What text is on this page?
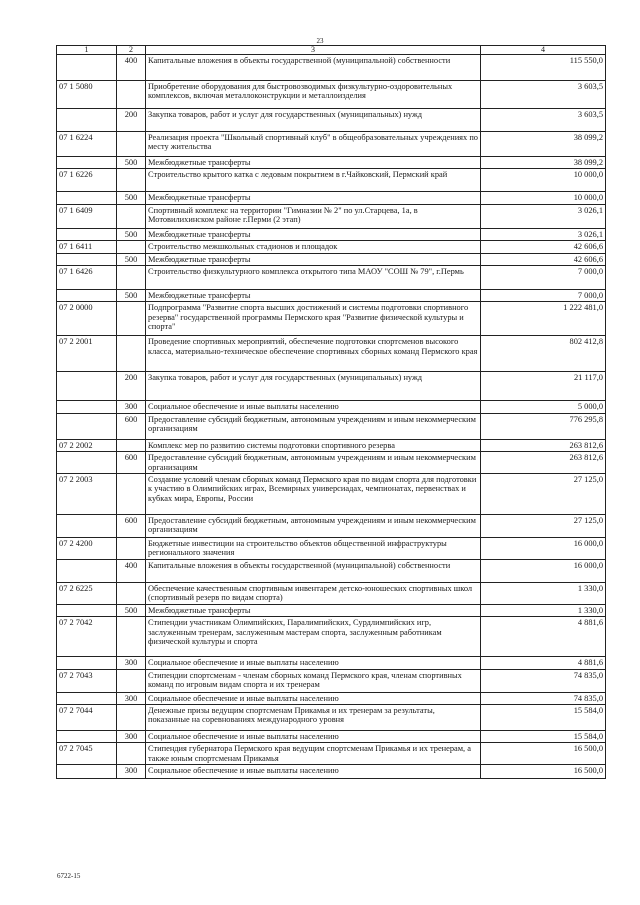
23
1	2	3	4
	400	Капитальные вложения в объекты государственной (муниципальной) собственности	115 550,0
07 1 5080		Приобретение оборудования для быстровозводимых физкультурно-оздоровительных комплексов, включая металлоконструкции и металлоизделия	3 603,5
	200	Закупка товаров, работ и услуг для государственных (муниципальных) нужд	3 603,5
07 1 6224		Реализация проекта "Школьный спортивный клуб" в общеобразовательных учреждениях по месту жительства	38 099,2
	500	Межбюджетные трансферты	38 099,2
07 1 6226		Строительство крытого катка с ледовым покрытием в г.Чайковский, Пермский край	10 000,0
	500	Межбюджетные трансферты	10 000,0
07 1 6409		Спортивный комплекс на территории "Гимназии № 2" по ул.Старцева, 1а, в Мотовилихинском районе г.Перми (2 этап)	3 026,1
	500	Межбюджетные трансферты	3 026,1
07 1 6411		Строительство межшкольных стадионов и площадок	42 606,6
	500	Межбюджетные трансферты	42 606,6
07 1 6426		Строительство физкультурного комплекса открытого типа МАОУ "СОШ № 79", г.Пермь	7 000,0
	500	Межбюджетные трансферты	7 000,0
07 2 0000		Подпрограмма "Развитие спорта высших достижений и системы подготовки спортивного резерва" государственной программы Пермского края "Развитие физической культуры и спорта"	1 222 481,0
07 2 2001		Проведение спортивных мероприятий, обеспечение подготовки спортсменов высокого класса, материально-техническое обеспечение спортивных сборных команд Пермского края	802 412,8
	200	Закупка товаров, работ и услуг для государственных (муниципальных) нужд	21 117,0
	300	Социальное обеспечение и иные выплаты населению	5 000,0
	600	Предоставление субсидий бюджетным, автономным учреждениям и иным некоммерческим организациям	776 295,8
07 2 2002		Комплекс мер по развитию системы подготовки спортивного резерва	263 812,6
	600	Предоставление субсидий бюджетным, автономным учреждениям и иным некоммерческим организациям	263 812,6
07 2 2003		Создание условий членам сборных команд Пермского края по видам спорта для подготовки к участию в Олимпийских играх, Всемирных универсиадах, чемпионатах, первенствах и кубках мира, Европы, России	27 125,0
	600	Предоставление субсидий бюджетным, автономным учреждениям и иным некоммерческим организациям	27 125,0
07 2 4200		Бюджетные инвестиции на строительство объектов общественной инфраструктуры регионального значения	16 000,0
	400	Капитальные вложения в объекты государственной (муниципальной) собственности	16 000,0
07 2 6225		Обеспечение качественным спортивным инвентарем детско-юношеских спортивных школ (спортивный резерв по видам спорта)	1 330,0
	500	Межбюджетные трансферты	1 330,0
07 2 7042		Стипендии участникам Олимпийских, Паралимпийских, Сурдлимпийских игр, заслуженным тренерам, заслуженным мастерам спорта, заслуженным работникам физической культуры и спорта	4 881,6
	300	Социальное обеспечение и иные выплаты населению	4 881,6
07 2 7043		Стипендии спортсменам - членам сборных команд Пермского края, членам спортивных команд по игровым видам спорта и их тренерам	74 835,0
	300	Социальное обеспечение и иные выплаты населению	74 835,0
07 2 7044		Денежные призы ведущим спортсменам Прикамья и их тренерам за результаты, показанные на соревнованиях международного уровня	15 584,0
	300	Социальное обеспечение и иные выплаты населению	15 584,0
07 2 7045		Стипендия губернатора Пермского края ведущим спортсменам Прикамья и их тренерам, а также юным спортсменам Прикамья	16 500,0
	300	Социальное обеспечение и иные выплаты населению	16 500,0
6722-15
